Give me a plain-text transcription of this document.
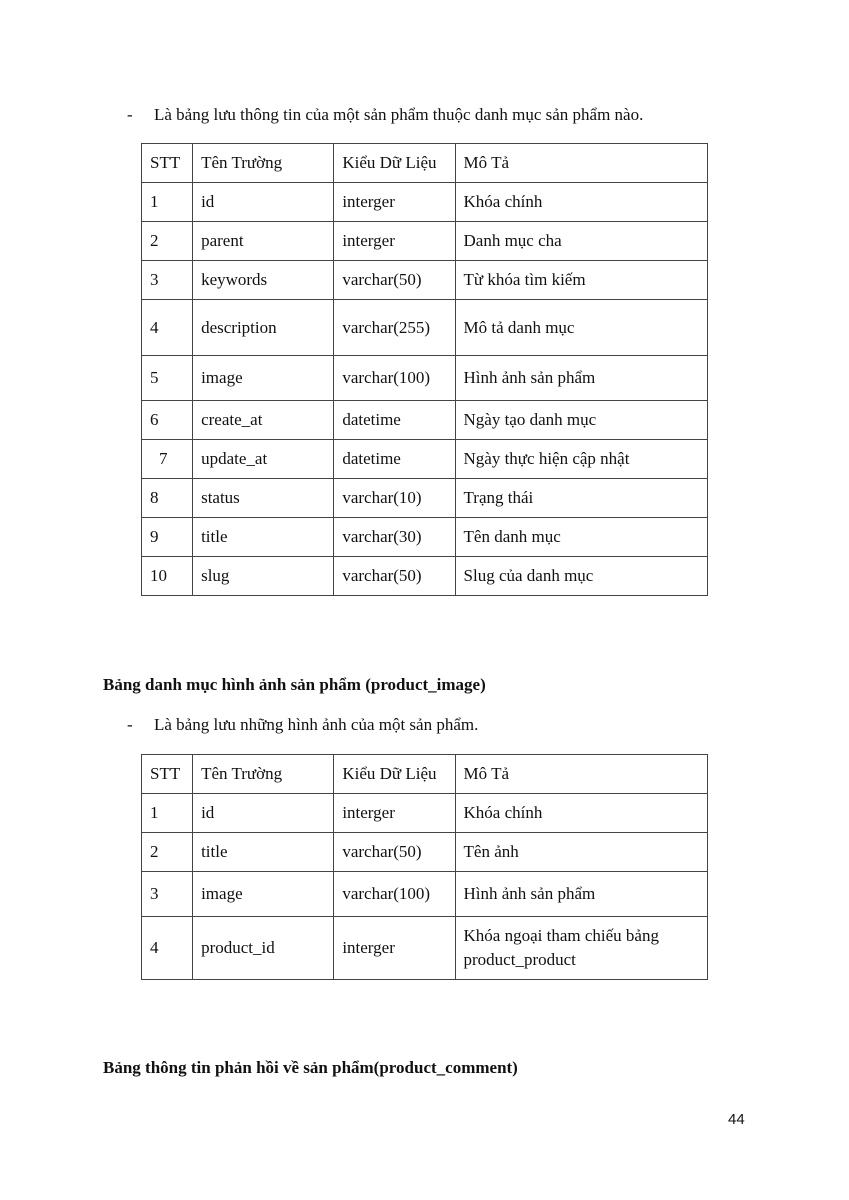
- Là bảng lưu thông tin của một sản phẩm thuộc danh mục sản phẩm nào.
STT	Tên Trường	Kiểu Dữ Liệu	Mô Tả
1	id	interger	Khóa chính
2	parent	interger	Danh mục cha
3	keywords	varchar(50)	Từ khóa tìm kiếm
4	description	varchar(255)	Mô tả danh mục
5	image	varchar(100)	Hình ảnh sản phẩm
6	create_at	datetime	Ngày tạo danh mục
7	update_at	datetime	Ngày thực hiện cập nhật
8	status	varchar(10)	Trạng thái
9	title	varchar(30)	Tên danh mục
10	slug	varchar(50)	Slug của danh mục
Bảng danh mục hình ảnh sản phẩm (product_image)
- Là bảng lưu những hình ảnh của một sản phẩm.
STT	Tên Trường	Kiểu Dữ Liệu	Mô Tả
1	id	interger	Khóa chính
2	title	varchar(50)	Tên ảnh
3	image	varchar(100)	Hình ảnh sản phẩm
4	product_id	interger	Khóa ngoại tham chiếu bảng product_product
Bảng thông tin phản hồi về sản phẩm(product_comment)
44
